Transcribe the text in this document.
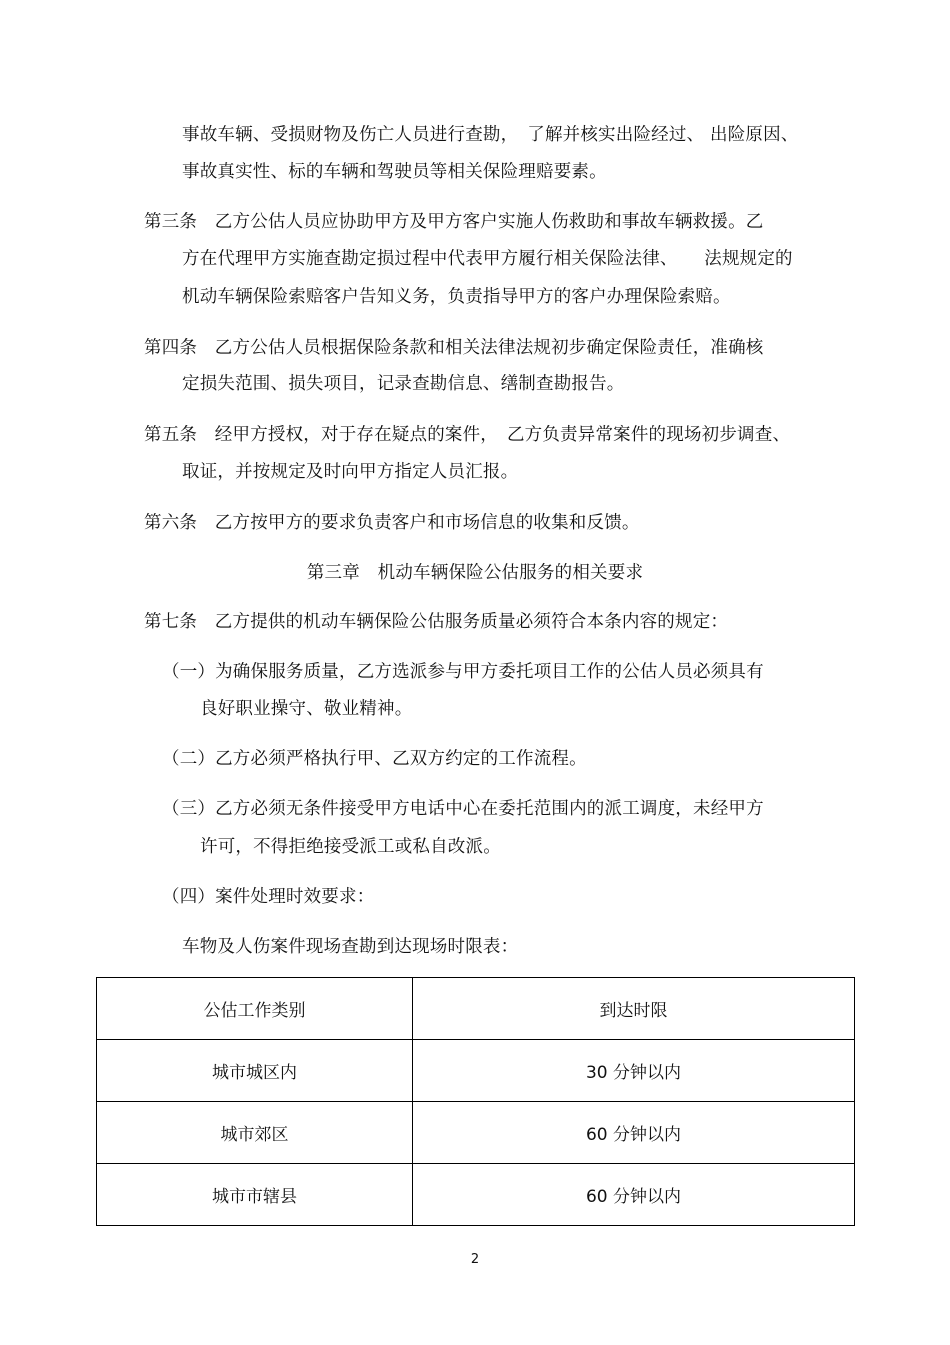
事故车辆、受损财物及伤亡人员进行查勘，　了解并核实出险经过、 出险原因、
事故真实性、标的车辆和驾驶员等相关保险理赔要素。
第三条　乙方公估人员应协助甲方及甲方客户实施人伤救助和事故车辆救援。乙
方在代理甲方实施查勘定损过程中代表甲方履行相关保险法律、　　法规规定的
机动车辆保险索赔客户告知义务，负责指导甲方的客户办理保险索赔。
第四条　乙方公估人员根据保险条款和相关法律法规初步确定保险责任，准确核
定损失范围、损失项目，记录查勘信息、缮制查勘报告。
第五条　经甲方授权，对于存在疑点的案件，　乙方负责异常案件的现场初步调查、
取证，并按规定及时向甲方指定人员汇报。
第六条　乙方按甲方的要求负责客户和市场信息的收集和反馈。
第三章　机动车辆保险公估服务的相关要求
第七条　乙方提供的机动车辆保险公估服务质量必须符合本条内容的规定：
（一）为确保服务质量，乙方选派参与甲方委托项目工作的公估人员必须具有
良好职业操守、敬业精神。
（二）乙方必须严格执行甲、乙双方约定的工作流程。
（三）乙方必须无条件接受甲方电话中心在委托范围内的派工调度，未经甲方
许可，不得拒绝接受派工或私自改派。
（四）案件处理时效要求：
车物及人伤案件现场查勘到达现场时限表：
公估工作类别	到达时限
城市城区内	30 分钟以内
城市郊区	60 分钟以内
城市市辖县	60 分钟以内
2
